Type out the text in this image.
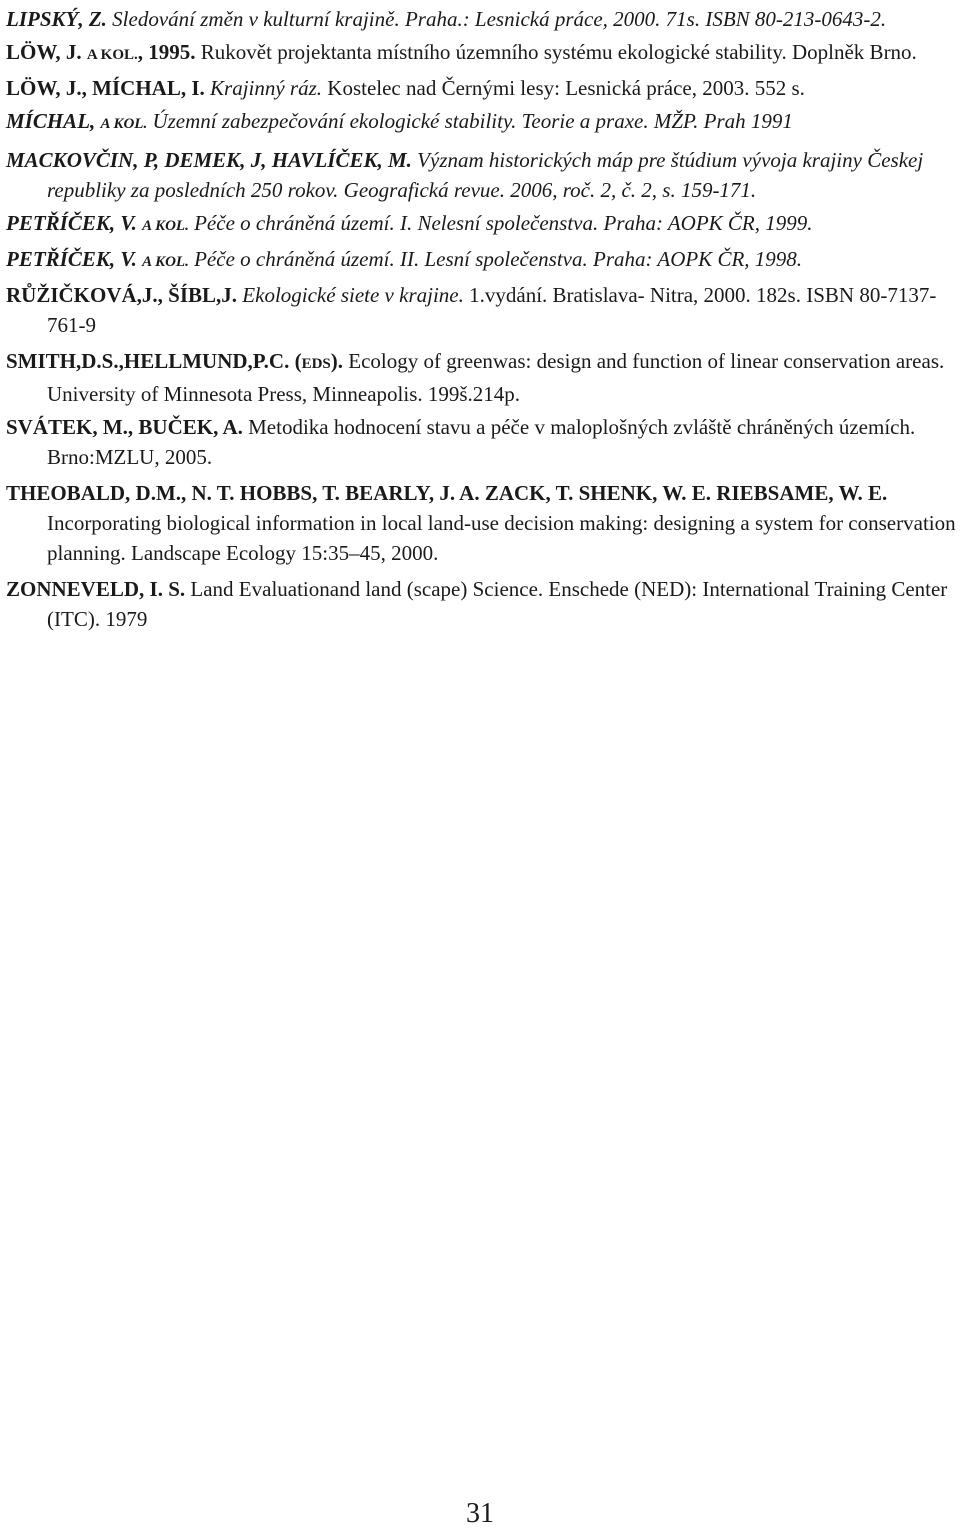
LIPSKÝ, Z. Sledování změn v kulturní krajině. Praha.: Lesnická práce, 2000. 71s. ISBN 80-213-0643-2.

LÖW, J. A KOL., 1995. Rukovět projektanta místního územního systému ekologické stability. Doplněk Brno.

LÖW, J., MÍCHAL, I. Krajinný ráz. Kostelec nad Černými lesy: Lesnická práce, 2003. 552 s.

MÍCHAL, A KOL. Územní zabezpečování ekologické stability. Teorie a praxe. MŽP. Prah 1991

MACKOVČIN, P, DEMEK, J, HAVLÍČEK, M. Význam historických máp pre štúdium vývoja krajiny Českej republiky za posledních 250 rokov. Geografická revue. 2006, roč. 2, č. 2, s. 159-171.

PETŘÍČEK, V. A KOL. Péče o chráněná území. I. Nelesní společenstva. Praha: AOPK ČR, 1999.

PETŘÍČEK, V. A KOL. Péče o chráněná území. II. Lesní společenstva. Praha: AOPK ČR, 1998.

RŮŽIČKOVÁ,J., ŠÍBL,J. Ekologické siete v krajine. 1.vydání. Bratislava- Nitra, 2000. 182s. ISBN 80-7137-761-9

SMITH,D.S.,HELLMUND,P.C. (EDS). Ecology of greenwas: design and function of linear conservation areas. University of Minnesota Press, Minneapolis. 199š.214p.

SVÁTEK, M., BUČEK, A. Metodika hodnocení stavu a péče v maloplošných zvláště chráněných územích. Brno:MZLU, 2005.

THEOBALD, D.M., N. T. HOBBS, T. BEARLY, J. A. ZACK, T. SHENK, W. E. RIEBSAME, W. E. Incorporating biological information in local land-use decision making: designing a system for conservation planning. Landscape Ecology 15:35–45, 2000.

ZONNEVELD, I. S. Land Evaluationand land (scape) Science. Enschede (NED): International Training Center (ITC). 1979

31
